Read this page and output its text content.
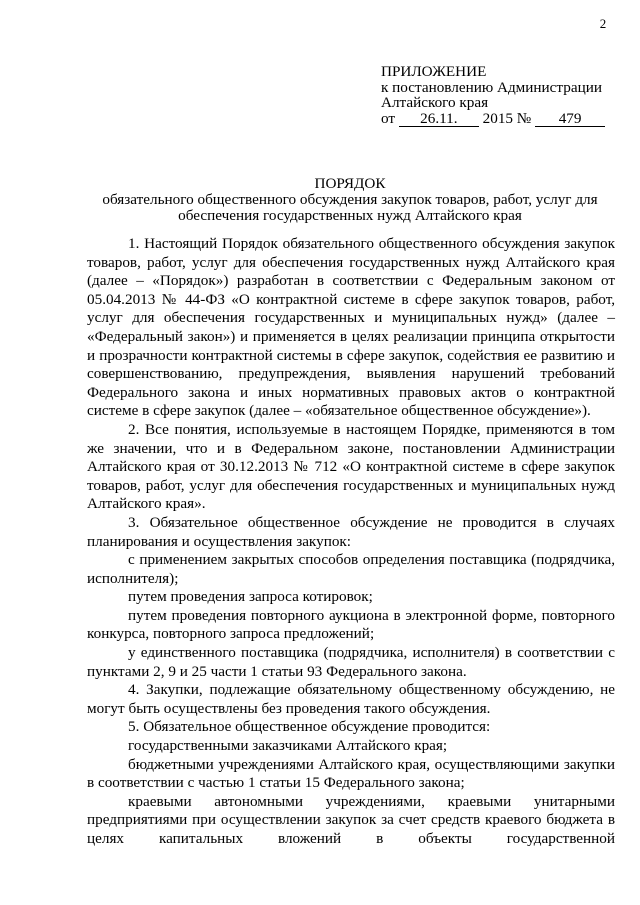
2
ПРИЛОЖЕНИЕ
к постановлению Администрации
Алтайского края
от 26.11. 2015 № 479
ПОРЯДОК
обязательного общественного обсуждения закупок товаров, работ, услуг для обеспечения государственных нужд Алтайского края

1. Настоящий Порядок обязательного общественного обсуждения закупок товаров, работ, услуг для обеспечения государственных нужд Алтайского края (далее – «Порядок») разработан в соответствии с Федеральным законом от 05.04.2013 № 44-ФЗ «О контрактной системе в сфере закупок товаров, работ, услуг для обеспечения государственных и муниципальных нужд» (далее – «Федеральный закон») и применяется в целях реализации принципа открытости и прозрачности контрактной системы в сфере закупок, содействия ее развитию и совершенствованию, предупреждения, выявления нарушений требований Федерального закона и иных нормативных правовых актов о контрактной системе в сфере закупок (далее – «обязательное общественное обсуждение»).

2. Все понятия, используемые в настоящем Порядке, применяются в том же значении, что и в Федеральном законе, постановлении Администрации Алтайского края от 30.12.2013 № 712 «О контрактной системе в сфере закупок товаров, работ, услуг для обеспечения государственных и муниципальных нужд Алтайского края».

3. Обязательное общественное обсуждение не проводится в случаях планирования и осуществления закупок:

с применением закрытых способов определения поставщика (подрядчика, исполнителя);

путем проведения запроса котировок;

путем проведения повторного аукциона в электронной форме, повторного конкурса, повторного запроса предложений;

у единственного поставщика (подрядчика, исполнителя) в соответствии с пунктами 2, 9 и 25 части 1 статьи 93 Федерального закона.

4. Закупки, подлежащие обязательному общественному обсуждению, не могут быть осуществлены без проведения такого обсуждения.

5. Обязательное общественное обсуждение проводится:

государственными заказчиками Алтайского края;

бюджетными учреждениями Алтайского края, осуществляющими закупки в соответствии с частью 1 статьи 15 Федерального закона;

краевыми автономными учреждениями, краевыми унитарными предприятиями при осуществлении закупок за счет средств краевого бюджета в целях капитальных вложений в объекты государственной
